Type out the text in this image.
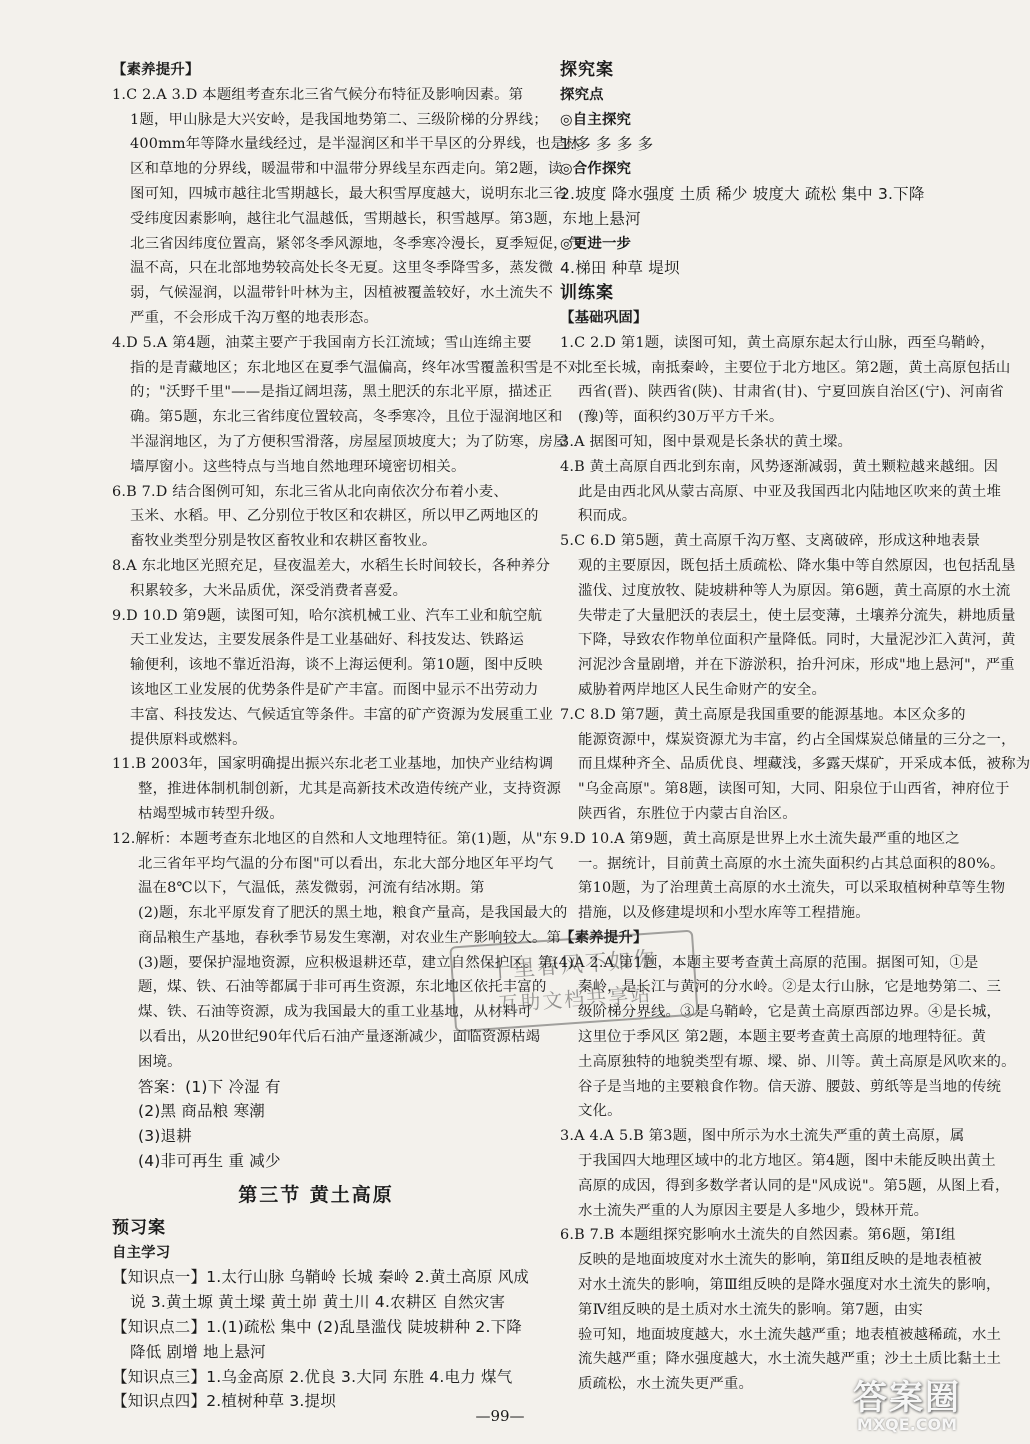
【素养提升】
1.C 2.A 3.D 本题组考查东北三省气候分布特征及影响因素。第
1题，甲山脉是大兴安岭，是我国地势第二、三级阶梯的分界线；
400mm年等降水量线经过，是半湿润区和半干旱区的分界线，也是林
区和草地的分界线，暖温带和中温带分界线呈东西走向。第2题，读
图可知，四城市越往北雪期越长，最大积雪厚度越大，说明东北三省
受纬度因素影响，越往北气温越低，雪期越长，积雪越厚。第3题，东
北三省因纬度位置高，紧邻冬季风源地，冬季寒冷漫长，夏季短促，气
温不高，只在北部地势较高处长冬无夏。这里冬季降雪多，蒸发微
弱，气候湿润，以温带针叶林为主，因植被覆盖较好，水土流失不
严重，不会形成千沟万壑的地表形态。
4.D 5.A 第4题，油菜主要产于我国南方长江流域；雪山连绵主要
指的是青藏地区；东北地区在夏季气温偏高，终年冰雪覆盖积雪是不对
的；"沃野千里"——是指辽阔坦荡，黑土肥沃的东北平原，描述正
确。第5题，东北三省纬度位置较高，冬季寒冷，且位于湿润地区和
半湿润地区，为了方便积雪滑落，房屋屋顶坡度大；为了防寒，房屋
墙厚窗小。这些特点与当地自然地理环境密切相关。
6.B 7.D 结合图例可知，东北三省从北向南依次分布着小麦、
玉米、水稻。甲、乙分别位于牧区和农耕区，所以甲乙两地区的
畜牧业类型分别是牧区畜牧业和农耕区畜牧业。
8.A 东北地区光照充足，昼夜温差大，水稻生长时间较长，各种养分
积累较多，大米品质优，深受消费者喜爱。
9.D 10.D 第9题，读图可知，哈尔滨机械工业、汽车工业和航空航
天工业发达，主要发展条件是工业基础好、科技发达、铁路运
输便利，该地不靠近沿海，谈不上海运便利。第10题，图中反映
该地区工业发展的优势条件是矿产丰富。而图中显示不出劳动力
丰富、科技发达、气候适宜等条件。丰富的矿产资源为发展重工业
提供原料或燃料。
11.B 2003年，国家明确提出振兴东北老工业基地，加快产业结构调
整，推进体制机制创新，尤其是高新技术改造传统产业，支持资源
枯竭型城市转型升级。
12.解析：本题考查东北地区的自然和人文地理特征。第(1)题，从"东
北三省年平均气温的分布图"可以看出，东北大部分地区年平均气
温在8℃以下，气温低，蒸发微弱，河流有结冰期。第
(2)题，东北平原发育了肥沃的黑土地，粮食产量高，是我国最大的
商品粮生产基地，春秋季节易发生寒潮，对农业生产影响较大。第
(3)题，要保护湿地资源，应积极退耕还草，建立自然保护区。第(4)
题，煤、铁、石油等都属于非可再生资源，东北地区依托丰富的
煤、铁、石油等资源，成为我国最大的重工业基地，从材料可
以看出，从20世纪90年代后石油产量逐渐减少，面临资源枯竭
困境。
答案：(1)下 冷湿 有
(2)黑 商品粮 寒潮
(3)退耕
(4)非可再生 重 减少
第三节 黄土高原
预习案
自主学习
【知识点一】1.太行山脉 乌鞘岭 长城 秦岭 2.黄土高原 风成
说 3.黄土塬 黄土墚 黄土峁 黄土川 4.农耕区 自然灾害
【知识点二】1.(1)疏松 集中 (2)乱垦滥伐 陡坡耕种 2.下降
降低 剧增 地上悬河
【知识点三】1.乌金高原 2.优良 3.大同 东胜 4.电力 煤气
【知识点四】2.植树种草 3.提坝
探究案
探究点
◎自主探究
1.多 多 多 多
◎合作探究
2.坡度 降水强度 土质 稀少 坡度大 疏松 集中 3.下降
地上悬河
◎更进一步
4.梯田 种草 堤坝
训练案
【基础巩固】
1.C 2.D 第1题，读图可知，黄土高原东起太行山脉，西至乌鞘岭，
北至长城，南抵秦岭，主要位于北方地区。第2题，黄土高原包括山
西省(晋)、陕西省(陕)、甘肃省(甘)、宁夏回族自治区(宁)、河南省
(豫)等，面积约30万平方千米。
3.A 据图可知，图中景观是长条状的黄土墚。
4.B 黄土高原自西北到东南，风势逐渐减弱，黄土颗粒越来越细。因
此是由西北风从蒙古高原、中亚及我国西北内陆地区吹来的黄土堆
积而成。
5.C 6.D 第5题，黄土高原千沟万壑、支离破碎，形成这种地表景
观的主要原因，既包括土质疏松、降水集中等自然原因，也包括乱垦
滥伐、过度放牧、陡坡耕种等人为原因。第6题，黄土高原的水土流
失带走了大量肥沃的表层土，使土层变薄，土壤养分流失，耕地质量
下降，导致农作物单位面积产量降低。同时，大量泥沙汇入黄河，黄
河泥沙含量剧增，并在下游淤积，抬升河床，形成"地上悬河"，严重
威胁着两岸地区人民生命财产的安全。
7.C 8.D 第7题，黄土高原是我国重要的能源基地。本区众多的
能源资源中，煤炭资源尤为丰富，约占全国煤炭总储量的三分之一，
而且煤种齐全、品质优良、埋藏浅，多露天煤矿，开采成本低，被称为
"乌金高原"。第8题，读图可知，大同、阳泉位于山西省，神府位于
陕西省，东胜位于内蒙古自治区。
9.D 10.A 第9题，黄土高原是世界上水土流失最严重的地区之
一。据统计，目前黄土高原的水土流失面积约占其总面积的80%。
第10题，为了治理黄土高原的水土流失，可以采取植树种草等生物
措施，以及修建堤坝和小型水库等工程措施。
【素养提升】
1.A 2.A 第1题，本题主要考查黄土高原的范围。据图可知，①是
秦岭，是长江与黄河的分水岭。②是太行山脉，它是地势第二、三
级阶梯分界线。③是乌鞘岭，它是黄土高原西部边界。④是长城，
这里位于季风区 第2题，本题主要考查黄土高原的地理特征。黄
土高原独特的地貌类型有塬、墚、峁、川等。黄土高原是风吹来的。
谷子是当地的主要粮食作物。信天游、腰鼓、剪纸等是当地的传统
文化。
3.A 4.A 5.B 第3题，图中所示为水土流失严重的黄土高原，属
于我国四大地理区域中的北方地区。第4题，图中未能反映出黄土
高原的成因，得到多数学者认同的是"风成说"。第5题，从图上看，
水土流失严重的人为原因主要是人多地少，毁林开荒。
6.B 7.B 本题组探究影响水土流失的自然因素。第6题，第Ⅰ组
反映的是地面坡度对水土流失的影响，第Ⅱ组反映的是地表植被
对水土流失的影响，第Ⅲ组反映的是降水强度对水土流失的影响，
第Ⅳ组反映的是土质对水土流失的影响。第7题，由实
验可知，地面坡度越大，水土流失越严重；地表植被越稀疏，水土
流失越严重；降水强度越大，水土流失越严重；沙土土质比黏土土
质疏松，水土流失更严重。
十里春风不如你
互助文档共享站
—99—	答案圈
MXQE.COM
